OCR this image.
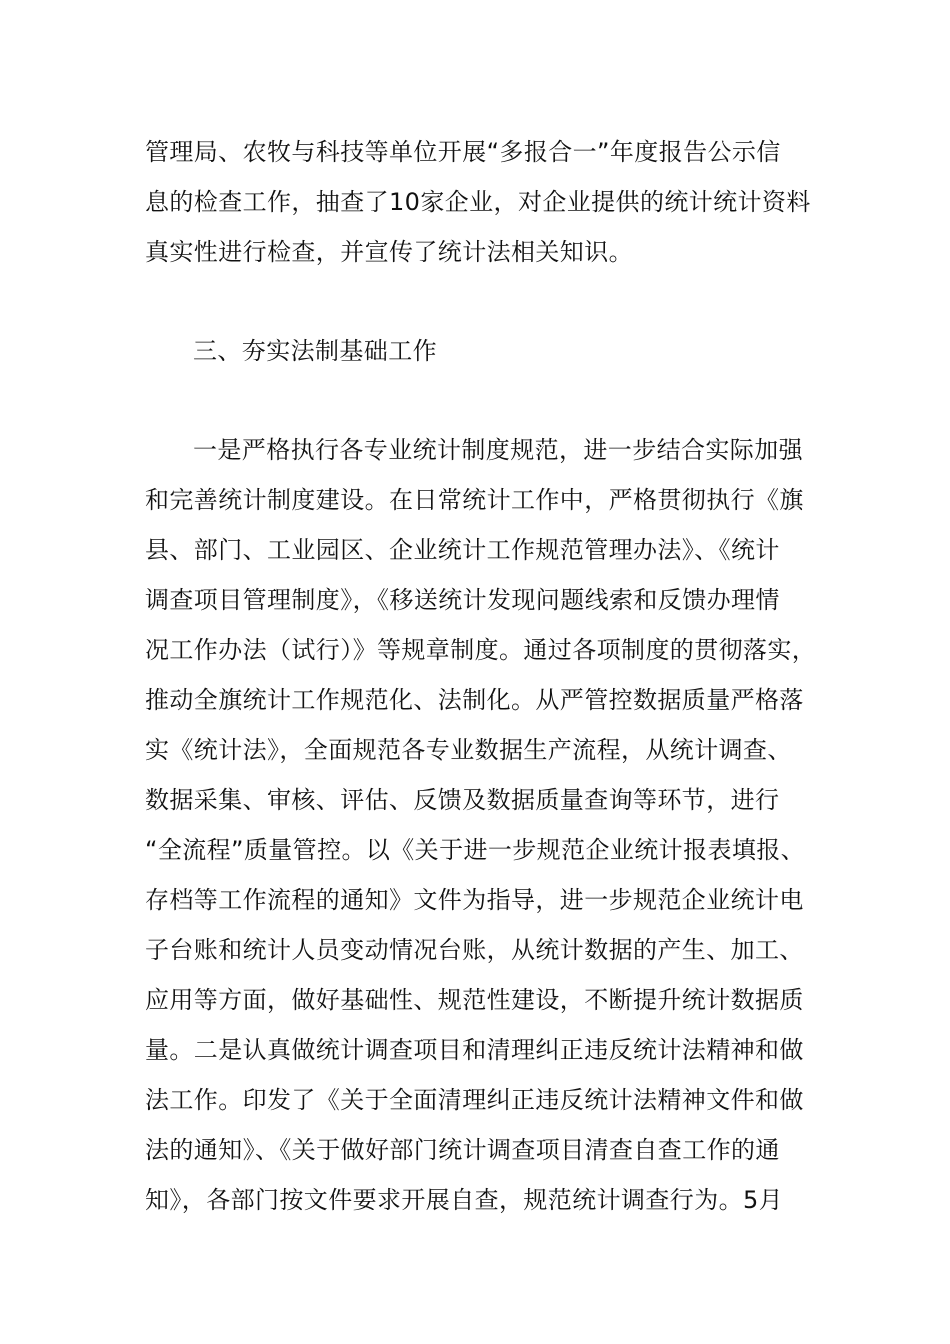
管理局、农牧与科技等单位开展“多报合一”年度报告公示信
息的检查工作，抽查了10家企业，对企业提供的统计统计资料
真实性进行检查，并宣传了统计法相关知识。
三、夯实法制基础工作
一是严格执行各专业统计制度规范，进一步结合实际加强
和完善统计制度建设。在日常统计工作中，严格贯彻执行《旗
县、部门、工业园区、企业统计工作规范管理办法》、《统计
调查项目管理制度》，《移送统计发现问题线索和反馈办理情
况工作办法（试行）》等规章制度。通过各项制度的贯彻落实，
推动全旗统计工作规范化、法制化。从严管控数据质量严格落
实《统计法》，全面规范各专业数据生产流程，从统计调查、
数据采集、审核、评估、反馈及数据质量查询等环节，进行
“全流程”质量管控。以《关于进一步规范企业统计报表填报、
存档等工作流程的通知》文件为指导，进一步规范企业统计电
子台账和统计人员变动情况台账，从统计数据的产生、加工、
应用等方面，做好基础性、规范性建设，不断提升统计数据质
量。二是认真做统计调查项目和清理纠正违反统计法精神和做
法工作。印发了《关于全面清理纠正违反统计法精神文件和做
法的通知》、《关于做好部门统计调查项目清查自查工作的通
知》，各部门按文件要求开展自查，规范统计调查行为。5月
